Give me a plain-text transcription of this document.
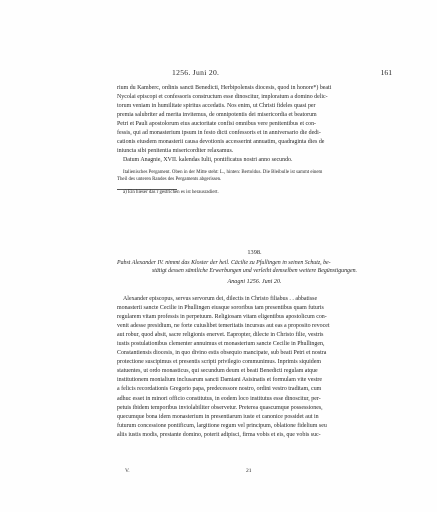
1256. Juni 20.	161

rium du Kamberc, ordinis sancti Benedicti, Herbipolensis diocesis, quod in honore*) beati
Nycolai episcopi et confessoris constructum esse dinoscitur, imploratum a domino delic-
torum veniam in humilitate spiritus accedatis. Nos enim, ut Christi fideles quasi per
premia salubriter ad merita invitemus, de omnipotentis dei misericordia et beatorum
Petri et Pauli apostolorum eius auctoritate confisi omnibus vere penitentibus et con-
fessis, qui ad monasterium ipsum in festo dicti confessoris et in anniversario die dedi-
cationis eiusdem monasterii causa devotionis accesserint annuatim, quadraginta dies de
iniuncta sibi penitentia misericorditer relaxamus.
Datum Anagnie, XVII. kalendas Iulii, pontificatus nostri anno secundo.

Italienisches Pergament. Oben in der Mitte steht: L., hinten: Bertoldus. Die Bleibulle ist sammt einem
Theil des unteren Randes des Pergaments abgerissen.

a) Ein hieser das r gestrichen es ist herausradiert.

1398.
Pabst Alexander IV. nimmt das Kloster der heil. Cäcilie zu Pfullingen in seinen Schutz, be-
stätigt dessen sämtliche Erwerbungen und verleiht demselben weitere Begünstigungen.
Anagni 1256. Juni 20.

Alexander episcopus, servus servorum dei, dilectis in Christo filiabus . . abbatisse
monasterii sancte Cecilie in Phullingen eiusque sororibus tam presentibus quam futuris
regularem vitam professis in perpetuum. Religiosam vitam eligentibus apostolicum con-
venit adesse presidium, ne forte cuiuslibet temeritatis incursus aut eas a proposito revocet
aut robur, quod absit, sacre religionis enervet. Eapropter, dilecte in Christo filie, vestris
iustis postulationibus clementer annuimus et monasterium sancte Cecilie in Phullingen,
Constantiensis diocesis, in quo divino estis obsequio mancipate, sub beati Petri et nostra
protectione suscipimus et presentis scripti privilegio communimus. Inprimis siquidem
statuentes, ut ordo monasticus, qui secundum deum et beati Benedicti regulam atque
institutionem monialium inclusarum sancti Damiani Asisinatis et formulam vite vestre
a felicis recordationis Gregorio papa, predecessore nostro, ordini vestro traditam, cum
adhuc esset in minori officio constitutus, in eodem loco institutus esse dinoscitur, per-
petuis ibidem temporibus inviolabiliter observetur. Preterea quascumque possessiones,
quecumque bona idem monasterium in presentiarum iuste et canonice possidet aut in
futurum concessione pontificum, largitione regum vel principum, oblatione fidelium seu
aliis iustis modis, prestante domino, poterit adipisci, firma vobis et eis, que vobis suc-

V.	21
